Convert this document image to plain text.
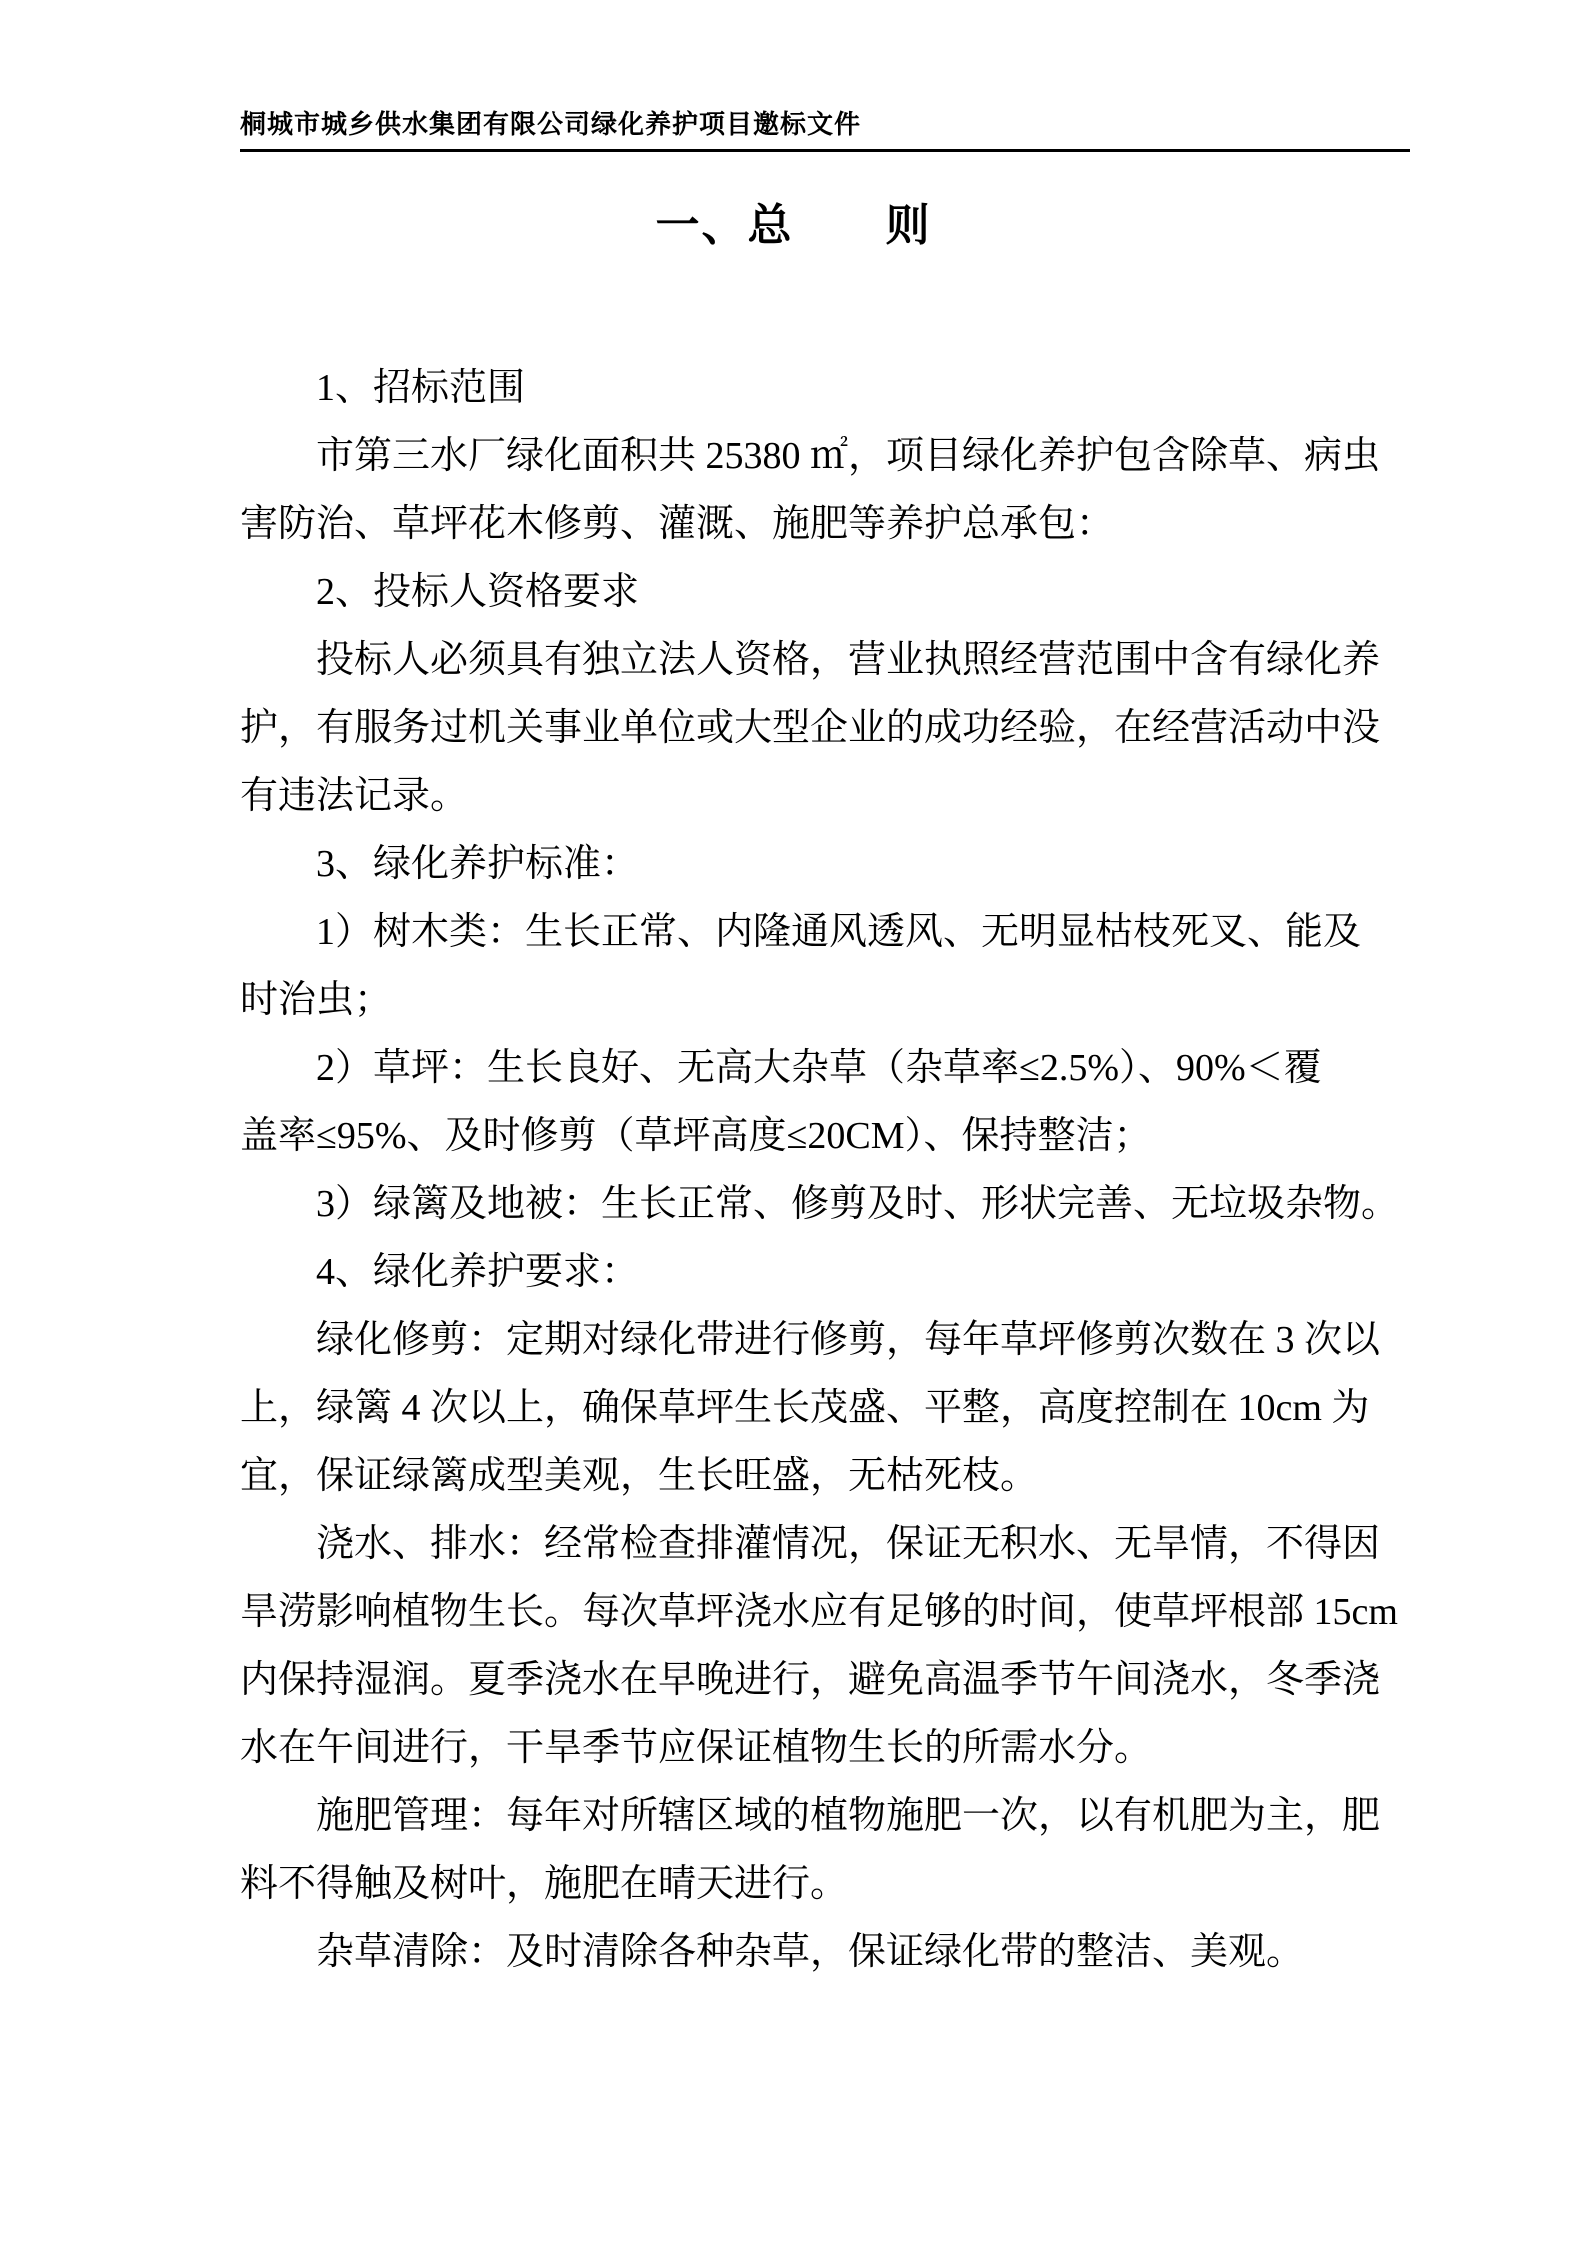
桐城市城乡供水集团有限公司绿化养护项目邀标文件
一、总　　则
　　1、招标范围
　　市第三水厂绿化面积共 25380 ㎡，项目绿化养护包含除草、病虫
害防治、草坪花木修剪、灌溉、施肥等养护总承包：
　　2、投标人资格要求
　　投标人必须具有独立法人资格，营业执照经营范围中含有绿化养
护，有服务过机关事业单位或大型企业的成功经验，在经营活动中没
有违法记录。
　　3、绿化养护标准：
　　1）树木类：生长正常、内隆通风透风、无明显枯枝死叉、能及
时治虫；
　　2）草坪：生长良好、无高大杂草（杂草率≤2.5%）、90%＜覆
盖率≤95%、及时修剪（草坪高度≤20CM）、保持整洁；
　　3）绿篱及地被：生长正常、修剪及时、形状完善、无垃圾杂物。
　　4、绿化养护要求：
　　绿化修剪：定期对绿化带进行修剪，每年草坪修剪次数在 3 次以
上，绿篱 4 次以上，确保草坪生长茂盛、平整，高度控制在 10cm 为
宜，保证绿篱成型美观，生长旺盛，无枯死枝。
　　浇水、排水：经常检查排灌情况，保证无积水、无旱情，不得因
旱涝影响植物生长。每次草坪浇水应有足够的时间，使草坪根部 15cm
内保持湿润。夏季浇水在早晚进行，避免高温季节午间浇水，冬季浇
水在午间进行，干旱季节应保证植物生长的所需水分。
　　施肥管理：每年对所辖区域的植物施肥一次，以有机肥为主，肥
料不得触及树叶，施肥在晴天进行。
　　杂草清除：及时清除各种杂草，保证绿化带的整洁、美观。
